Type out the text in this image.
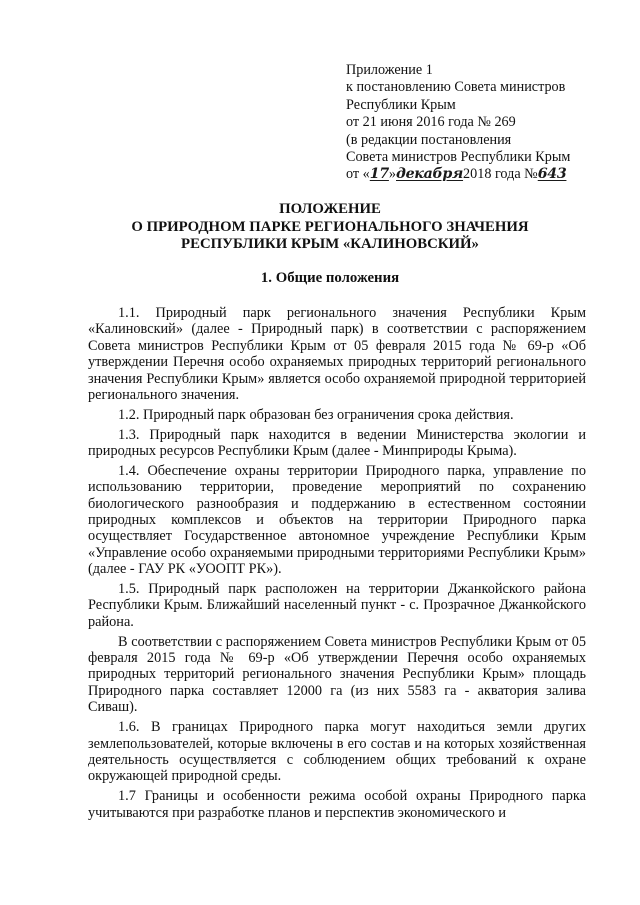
Приложение 1
к постановлению Совета министров
Республики Крым
от 21 июня 2016 года № 269
(в редакции постановления
Совета министров Республики Крым
от «17»декабря2018 года №643
ПОЛОЖЕНИЕ
О ПРИРОДНОМ ПАРКЕ РЕГИОНАЛЬНОГО ЗНАЧЕНИЯ
РЕСПУБЛИКИ КРЫМ «КАЛИНОВСКИЙ»
1. Общие положения

1.1. Природный парк регионального значения Республики Крым «Калиновский» (далее - Природный парк) в соответствии с распоряжением Совета министров Республики Крым от 05 февраля 2015 года № 69-р «Об утверждении Перечня особо охраняемых природных территорий регионального значения Республики Крым» является особо охраняемой природной территорией регионального значения.

1.2. Природный парк образован без ограничения срока действия.

1.3. Природный парк находится в ведении Министерства экологии и природных ресурсов Республики Крым (далее - Минприроды Крыма).

1.4. Обеспечение охраны территории Природного парка, управление по использованию территории, проведение мероприятий по сохранению биологического разнообразия и поддержанию в естественном состоянии природных комплексов и объектов на территории Природного парка осуществляет Государственное автономное учреждение Республики Крым «Управление особо охраняемыми природными территориями Республики Крым» (далее - ГАУ РК «УООПТ РК»).

1.5. Природный парк расположен на территории Джанкойского района Республики Крым. Ближайший населенный пункт - с. Прозрачное Джанкойского района.

В соответствии с распоряжением Совета министров Республики Крым от 05 февраля 2015 года № 69-р «Об утверждении Перечня особо охраняемых природных территорий регионального значения Республики Крым» площадь Природного парка составляет 12000 га (из них 5583 га - акватория залива Сиваш).

1.6. В границах Природного парка могут находиться земли других землепользователей, которые включены в его состав и на которых хозяйственная деятельность осуществляется с соблюдением общих требований к охране окружающей природной среды.

1.7 Границы и особенности режима особой охраны Природного парка учитываются при разработке планов и перспектив экономического и
